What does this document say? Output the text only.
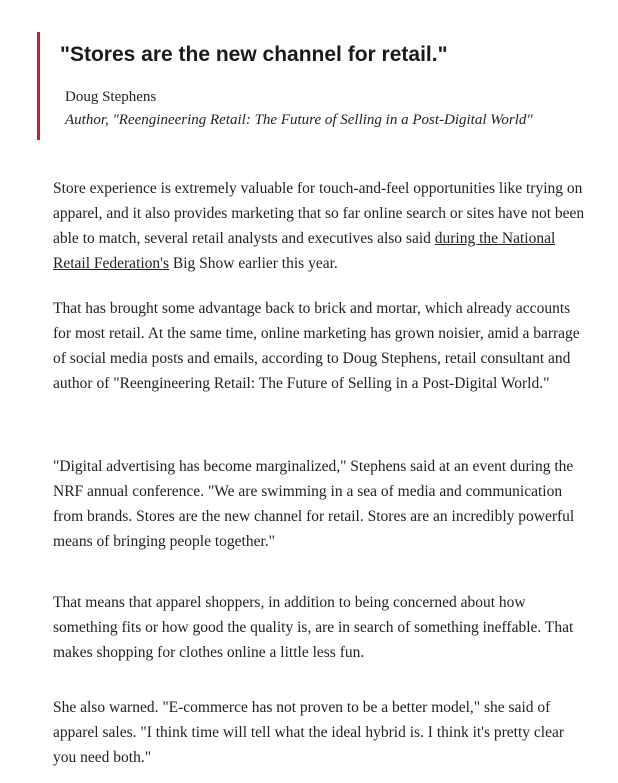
"Stores are the new channel for retail."

Doug Stephens
Author, "Reengineering Retail: The Future of Selling in a Post-Digital World"

Store experience is extremely valuable for touch-and-feel opportunities like trying on apparel, and it also provides marketing that so far online search or sites have not been able to match, several retail analysts and executives also said during the National Retail Federation's Big Show earlier this year.

That has brought some advantage back to brick and mortar, which already accounts for most retail. At the same time, online marketing has grown noisier, amid a barrage of social media posts and emails, according to Doug Stephens, retail consultant and author of "Reengineering Retail: The Future of Selling in a Post-Digital World."

"Digital advertising has become marginalized," Stephens said at an event during the NRF annual conference. "We are swimming in a sea of media and communication from brands. Stores are the new channel for retail. Stores are an incredibly powerful means of bringing people together."

That means that apparel shoppers, in addition to being concerned about how something fits or how good the quality is, are in search of something ineffable. That makes shopping for clothes online a little less fun.

She also warned. "E-commerce has not proven to be a better model," she said of apparel sales. "I think time will tell what the ideal hybrid is. I think it's pretty clear you need both."
